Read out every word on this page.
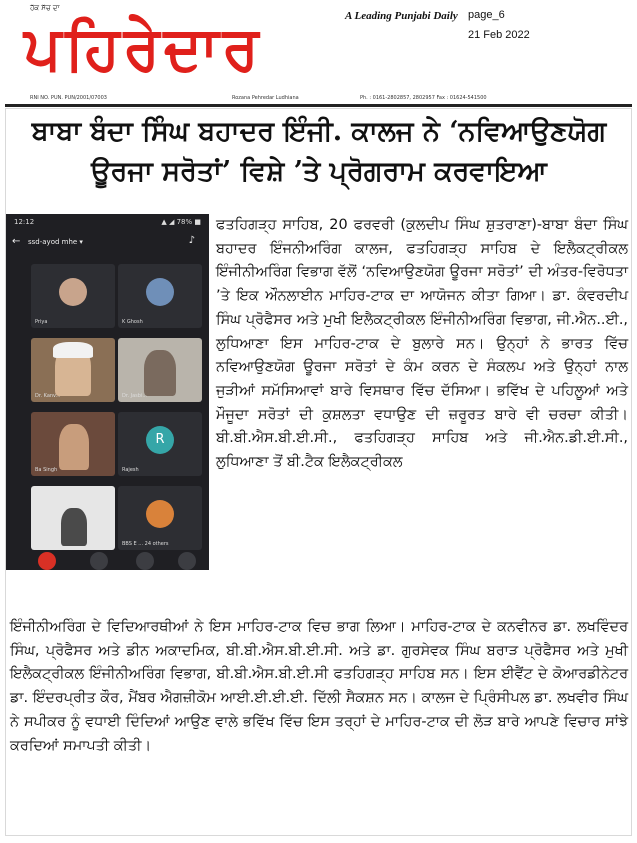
ਹੱਕ ਸੱਚ ਦਾ
ਪਹਿਰੇਦਾਰ	A Leading Punjabi Daily page_6
21 Feb 2022
RNI NO. PUN. PUN/2001/07003	Rozana Pehredar Ludhiana	Ph. : 0161-2802857, 2802957 Fax : 01624-541500
ਬਾਬਾ ਬੰਦਾ ਸਿੰਘ ਬਹਾਦਰ ਇੰਜੀ. ਕਾਲਜ ਨੇ ‘ਨਵਿਆਉਣਯੋਗ ਊਰਜਾ ਸਰੋਤਾਂ’ ਵਿਸ਼ੇ ’ਤੇ ਪ੍ਰੋਗਰਾਮ ਕਰਵਾਇਆ
12:12	▲ ◢ 78% ■
← ssd-ayod mhe ▾	♪
Priya	K Ghosh
Dr. Kanv...	Dr. Jasbi...
Ba Singh
R
Rajesh
BBS E ... 24 others
ਫਤਹਿਗੜ੍ਹ ਸਾਹਿਬ, 20 ਫਰਵਰੀ (ਕੁਲਦੀਪ ਸਿੰਘ ਸ਼ੁਤਰਾਣਾ)-ਬਾਬਾ ਬੰਦਾ ਸਿੰਘ ਬਹਾਦਰ ਇੰਜਨੀਅਰਿੰਗ ਕਾਲਜ, ਫਤਹਿਗੜ੍ਹ ਸਾਹਿਬ ਦੇ ਇਲੈਕਟ੍ਰੀਕਲ ਇੰਜੀਨੀਅਰਿੰਗ ਵਿਭਾਗ ਵੱਲੋਂ ‘ਨਵਿਆਉਣਯੋਗ ਊਰਜਾ ਸਰੋਤਾਂ’ ਦੀ ਅੰਤਰ-ਵਿਰੋਧਤਾ ’ਤੇ ਇਕ ਔਨਲਾਈਨ ਮਾਹਿਰ-ਟਾਕ ਦਾ ਆਯੋਜਨ ਕੀਤਾ ਗਿਆ। ਡਾ. ਕੰਵਰਦੀਪ ਸਿੰਘ ਪ੍ਰੋਫੈਸਰ ਅਤੇ ਮੁਖੀ ਇਲੈਕਟ੍ਰੀਕਲ ਇੰਜੀਨੀਅਰਿੰਗ ਵਿਭਾਗ, ਜੀ.ਐਨ..ਈ., ਲੁਧਿਆਣਾ ਇਸ ਮਾਹਿਰ-ਟਾਕ ਦੇ ਬੁਲਾਰੇ ਸਨ। ਉਨ੍ਹਾਂ ਨੇ ਭਾਰਤ ਵਿੱਚ ਨਵਿਆਉਣਯੋਗ ਊਰਜਾ ਸਰੋਤਾਂ ਦੇ ਕੰਮ ਕਰਨ ਦੇ ਸੰਕਲਪ ਅਤੇ ਉਨ੍ਹਾਂ ਨਾਲ ਜੁੜੀਆਂ ਸਮੱਸਿਆਵਾਂ ਬਾਰੇ ਵਿਸਥਾਰ ਵਿੱਚ ਦੱਸਿਆ। ਭਵਿੱਖ ਦੇ ਪਹਿਲੂਆਂ ਅਤੇ ਮੌਜੂਦਾ ਸਰੋਤਾਂ ਦੀ ਕੁਸ਼ਲਤਾ ਵਧਾਉਣ ਦੀ ਜ਼ਰੂਰਤ ਬਾਰੇ ਵੀ ਚਰਚਾ ਕੀਤੀ। ਬੀ.ਬੀ.ਐਸ.ਬੀ.ਈ.ਸੀ., ਫਤਹਿਗੜ੍ਹ ਸਾਹਿਬ ਅਤੇ ਜੀ.ਐਨ.ਡੀ.ਈ.ਸੀ., ਲੁਧਿਆਣਾ ਤੋਂ ਬੀ.ਟੈਕ ਇਲੈਕਟ੍ਰੀਕਲ
ਇੰਜੀਨੀਅਰਿੰਗ ਦੇ ਵਿਦਿਆਰਥੀਆਂ ਨੇ ਇਸ ਮਾਹਿਰ-ਟਾਕ ਵਿਚ ਭਾਗ ਲਿਆ। ਮਾਹਿਰ-ਟਾਕ ਦੇ ਕਨਵੀਨਰ ਡਾ. ਲਖਵਿੰਦਰ ਸਿੰਘ, ਪ੍ਰੋਫੈਸਰ ਅਤੇ ਡੀਨ ਅਕਾਦਮਿਕ, ਬੀ.ਬੀ.ਐਸ.ਬੀ.ਈ.ਸੀ. ਅਤੇ ਡਾ. ਗੁਰਸੇਵਕ ਸਿੰਘ ਬਰਾੜ ਪ੍ਰੋਫੈਸਰ ਅਤੇ ਮੁਖੀ ਇਲੈਕਟ੍ਰੀਕਲ ਇੰਜੀਨੀਅਰਿੰਗ ਵਿਭਾਗ, ਬੀ.ਬੀ.ਐਸ.ਬੀ.ਈ.ਸੀ ਫਤਹਿਗੜ੍ਹ ਸਾਹਿਬ ਸਨ। ਇਸ ਈਵੈਂਟ ਦੇ ਕੋਆਰਡੀਨੇਟਰ ਡਾ. ਇੰਦਰਪ੍ਰੀਤ ਕੌਰ, ਮੈਂਬਰ ਐਗਜ਼ੀਕੋਮ ਆਈ.ਈ.ਈ.ਈ. ਦਿੱਲੀ ਸੈਕਸ਼ਨ ਸਨ। ਕਾਲਜ ਦੇ ਪ੍ਰਿੰਸੀਪਲ ਡਾ. ਲਖਵੀਰ ਸਿੰਘ ਨੇ ਸਪੀਕਰ ਨੂੰ ਵਧਾਈ ਦਿੰਦਿਆਂ ਆਉਣ ਵਾਲੇ ਭਵਿੱਖ ਵਿੱਚ ਇਸ ਤਰ੍ਹਾਂ ਦੇ ਮਾਹਿਰ-ਟਾਕ ਦੀ ਲੋੜ ਬਾਰੇ ਆਪਣੇ ਵਿਚਾਰ ਸਾਂਝੇ ਕਰਦਿਆਂ ਸਮਾਪਤੀ ਕੀਤੀ।
